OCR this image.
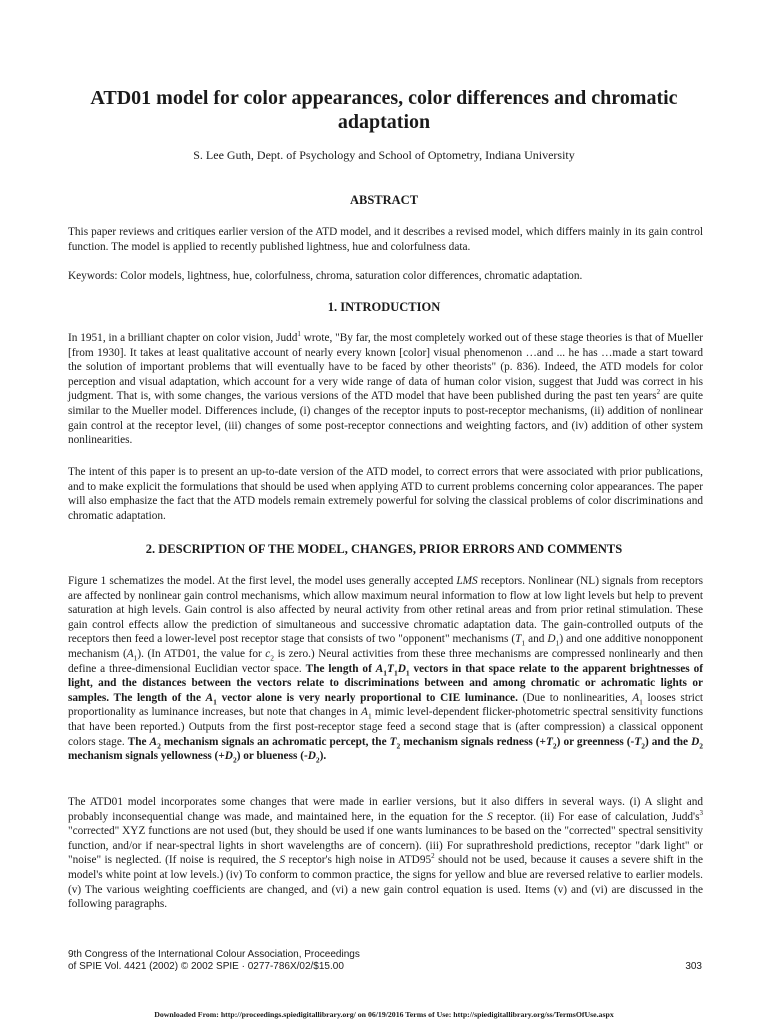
ATD01 model for color appearances, color differences and chromatic adaptation
S. Lee Guth, Dept. of Psychology and School of Optometry, Indiana University
ABSTRACT

This paper reviews and critiques earlier version of the ATD model, and it describes a revised model, which differs mainly in its gain control function. The model is applied to recently published lightness, hue and colorfulness data.

Keywords: Color models, lightness, hue, colorfulness, chroma, saturation color differences, chromatic adaptation.

1. INTRODUCTION

In 1951, in a brilliant chapter on color vision, Judd$^1$ wrote, "By far, the most completely worked out of these stage theories is that of Mueller [from 1930]. It takes at least qualitative account of nearly every known [color] visual phenomenon …and ... he has …made a start toward the solution of important problems that will eventually have to be faced by other theorists" (p. 836). Indeed, the ATD models for color perception and visual adaptation, which account for a very wide range of data of human color vision, suggest that Judd was correct in his judgment. That is, with some changes, the various versions of the ATD model that have been published during the past ten years$^2$ are quite similar to the Mueller model. Differences include, (i) changes of the receptor inputs to post-receptor mechanisms, (ii) addition of nonlinear gain control at the receptor level, (iii) changes of some post-receptor connections and weighting factors, and (iv) addition of other system nonlinearities.

The intent of this paper is to present an up-to-date version of the ATD model, to correct errors that were associated with prior publications, and to make explicit the formulations that should be used when applying ATD to current problems concerning color appearances. The paper will also emphasize the fact that the ATD models remain extremely powerful for solving the classical problems of color discriminations and chromatic adaptation.

2. DESCRIPTION OF THE MODEL, CHANGES, PRIOR ERRORS AND COMMENTS

Figure 1 schematizes the model. At the first level, the model uses generally accepted LMS receptors. Nonlinear (NL) signals from receptors are affected by nonlinear gain control mechanisms, which allow maximum neural information to flow at low light levels but help to prevent saturation at high levels. Gain control is also affected by neural activity from other retinal areas and from prior retinal stimulation. These gain control effects allow the prediction of simultaneous and successive chromatic adaptation data. The gain-controlled outputs of the receptors then feed a lower-level post receptor stage that consists of two "opponent" mechanisms ($T_1$ and $D_1$) and one additive nonopponent mechanism $(A_1)$. (In ATD01, the value for $c_2$ is zero.) Neural activities from these three mechanisms are compressed nonlinearly and then define a three-dimensional Euclidian vector space. The length of $A_1T_1D_1$ vectors in that space relate to the apparent brightnesses of light, and the distances between the vectors relate to discriminations between and among chromatic or achromatic lights or samples. The length of the $A_1$ vector alone is very nearly proportional to CIE luminance. (Due to nonlinearities, $A_1$ looses strict proportionality as luminance increases, but note that changes in $A_1$ mimic level-dependent flicker-photometric spectral sensitivity functions that have been reported.) Outputs from the first post-receptor stage feed a second stage that is (after compression) a classical opponent colors stage. The $A_2$ mechanism signals an achromatic percept, the $T_2$ mechanism signals redness $(+T_2)$ or greenness $(-T_2)$ and the $D_2$ mechanism signals yellowness $(+D_2)$ or blueness $(-D_2)$.

The ATD01 model incorporates some changes that were made in earlier versions, but it also differs in several ways. (i) A slight and probably inconsequential change was made, and maintained here, in the equation for the S receptor. (ii) For ease of calculation, $Judd's^3$ "corrected" XYZ functions are not used (but, they should be used if one wants luminances to be based on the "corrected" spectral sensitivity function, and/or if near-spectral lights in short wavelengths are of concern). (iii) For suprathreshold predictions, receptor "dark light" or "noise" is neglected. (If noise is required, the S receptor's high noise in $ATD95^2$ should not be used, because it causes a severe shift in the model's white point at low levels.) (iv) To conform to common practice, the signs for yellow and blue are reversed relative to earlier models. (v) The various weighting coefficients are changed, and (vi) a new gain control equation is used. Items (v) and (vi) are discussed in the following paragraphs.

9th Congress of the International Colour Association, Proceedings
of SPIE Vol. 4421 (2002) © 2002 SPIE · 0277-786X/02/$15.00	303
Downloaded From: http://proceedings.spiedigitallibrary.org/ on 06/19/2016 Terms of Use: http://spiedigitallibrary.org/ss/TermsOfUse.aspx
